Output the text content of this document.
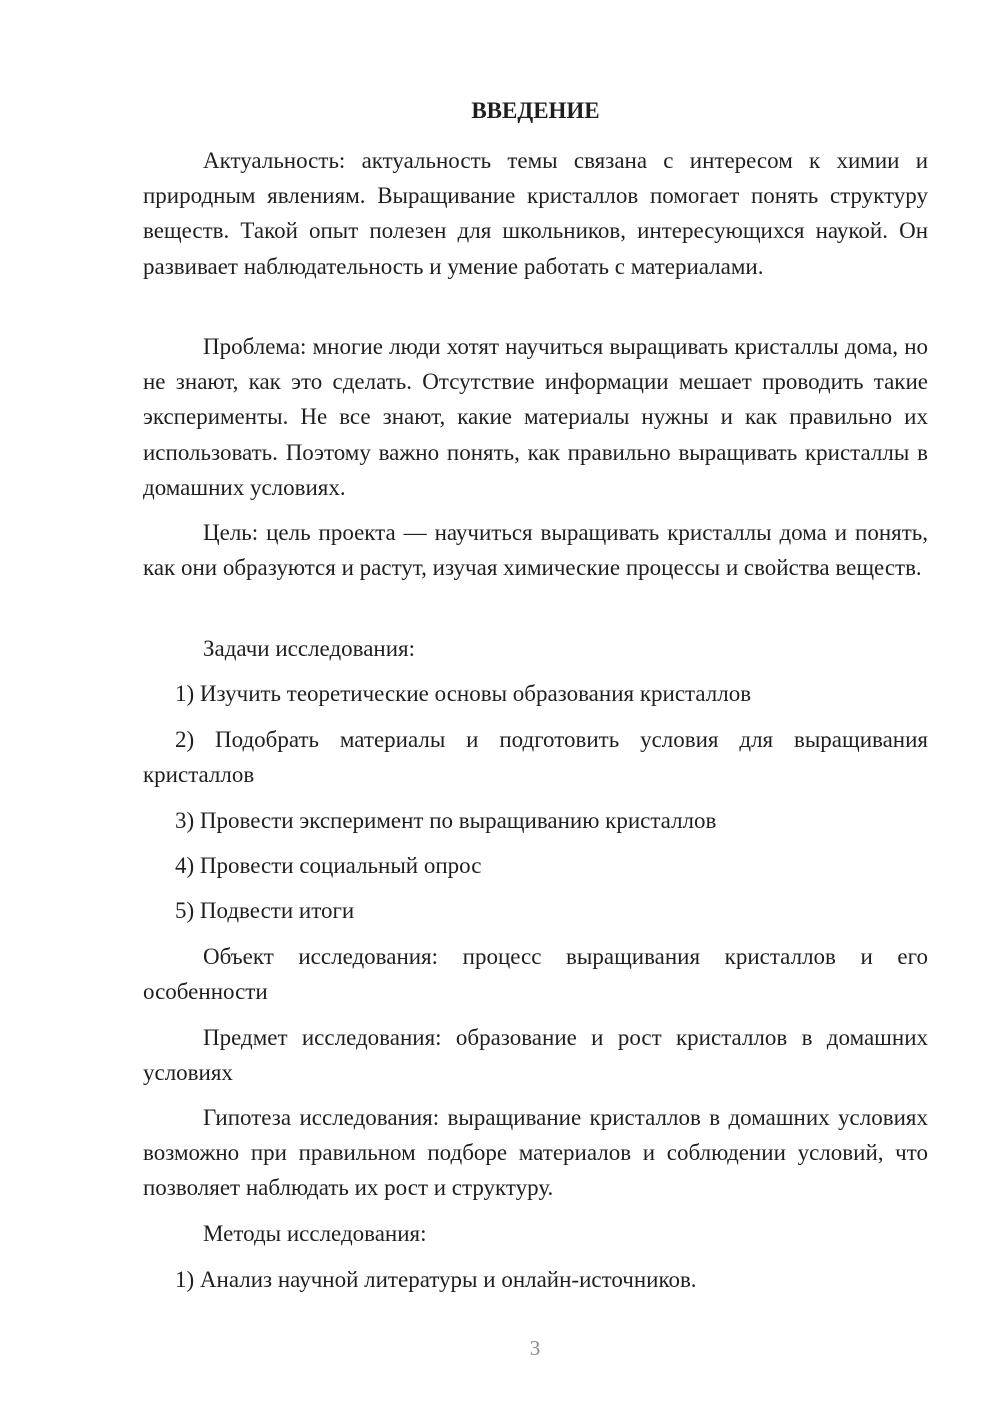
ВВЕДЕНИЕ

Актуальность: актуальность темы связана с интересом к химии и природным явлениям. Выращивание кристаллов помогает понять структуру веществ. Такой опыт полезен для школьников, интересующихся наукой. Он развивает наблюдательность и умение работать с материалами.

Проблема: многие люди хотят научиться выращивать кристаллы дома, но не знают, как это сделать. Отсутствие информации мешает проводить такие эксперименты. Не все знают, какие материалы нужны и как правильно их использовать. Поэтому важно понять, как правильно выращивать кристаллы в домашних условиях.

Цель: цель проекта — научиться выращивать кристаллы дома и понять, как они образуются и растут, изучая химические процессы и свойства веществ.

Задачи исследования:

1) Изучить теоретические основы образования кристаллов

2) Подобрать материалы и подготовить условия для выращивания кристаллов

3) Провести эксперимент по выращиванию кристаллов

4) Провести социальный опрос

5) Подвести итоги

Объект исследования: процесс выращивания кристаллов и его особенности

Предмет исследования: образование и рост кристаллов в домашних условиях

Гипотеза исследования: выращивание кристаллов в домашних условиях возможно при правильном подборе материалов и соблюдении условий, что позволяет наблюдать их рост и структуру.

Методы исследования:

1) Анализ научной литературы и онлайн-источников.

3
